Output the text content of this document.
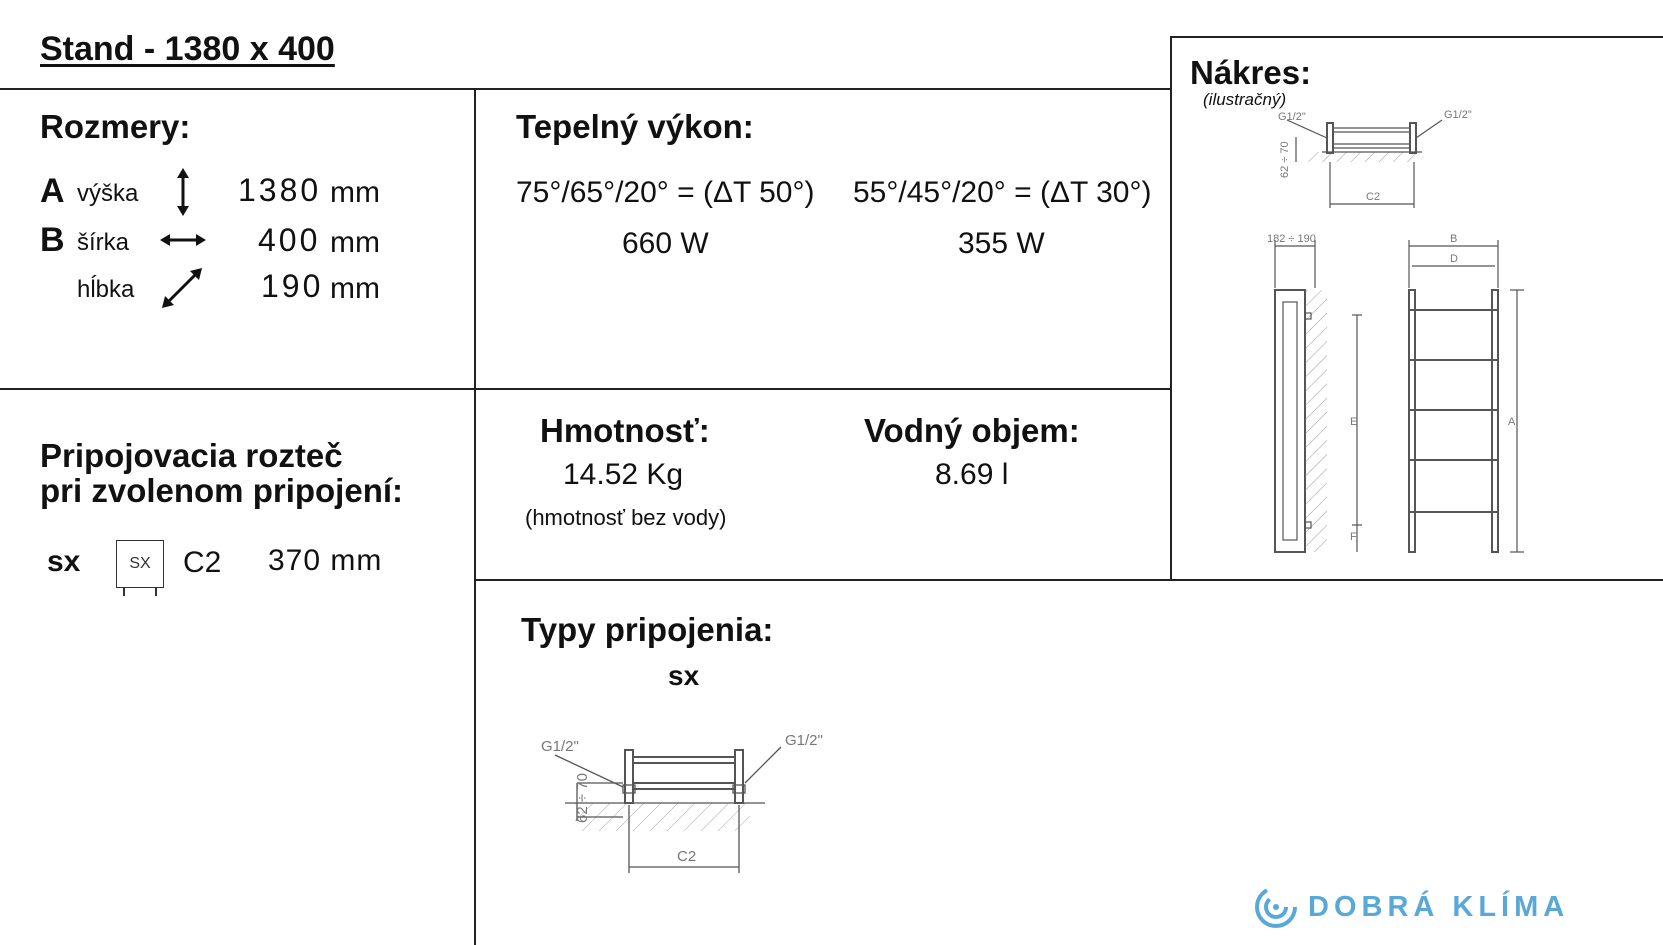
Stand - 1380 x 400
Rozmery:
A výška	1380 mm
B šírka	400 mm
hĺbka	190 mm
Tepelný výkon:
75°/65°/20° = (ΔT 50°) 55°/45°/20° = (ΔT 30°)
660 W	355 W
Nákres:
(ilustračný)
G1/2"	G1/2"
62 ÷ 70
C2
182 ÷ 190	B
D
E
F
A
Pripojovacia rozteč
pri zvolenom pripojení:
sx	SX C2 370 mm
Hmotnosť:
14.52 Kg
(hmotnosť bez vody)
Vodný objem:
8.69 l
Typy pripojenia:
sx
G1/2"	G1/2"
62 ÷ 70
C2
DOBRÁ KLÍMA
